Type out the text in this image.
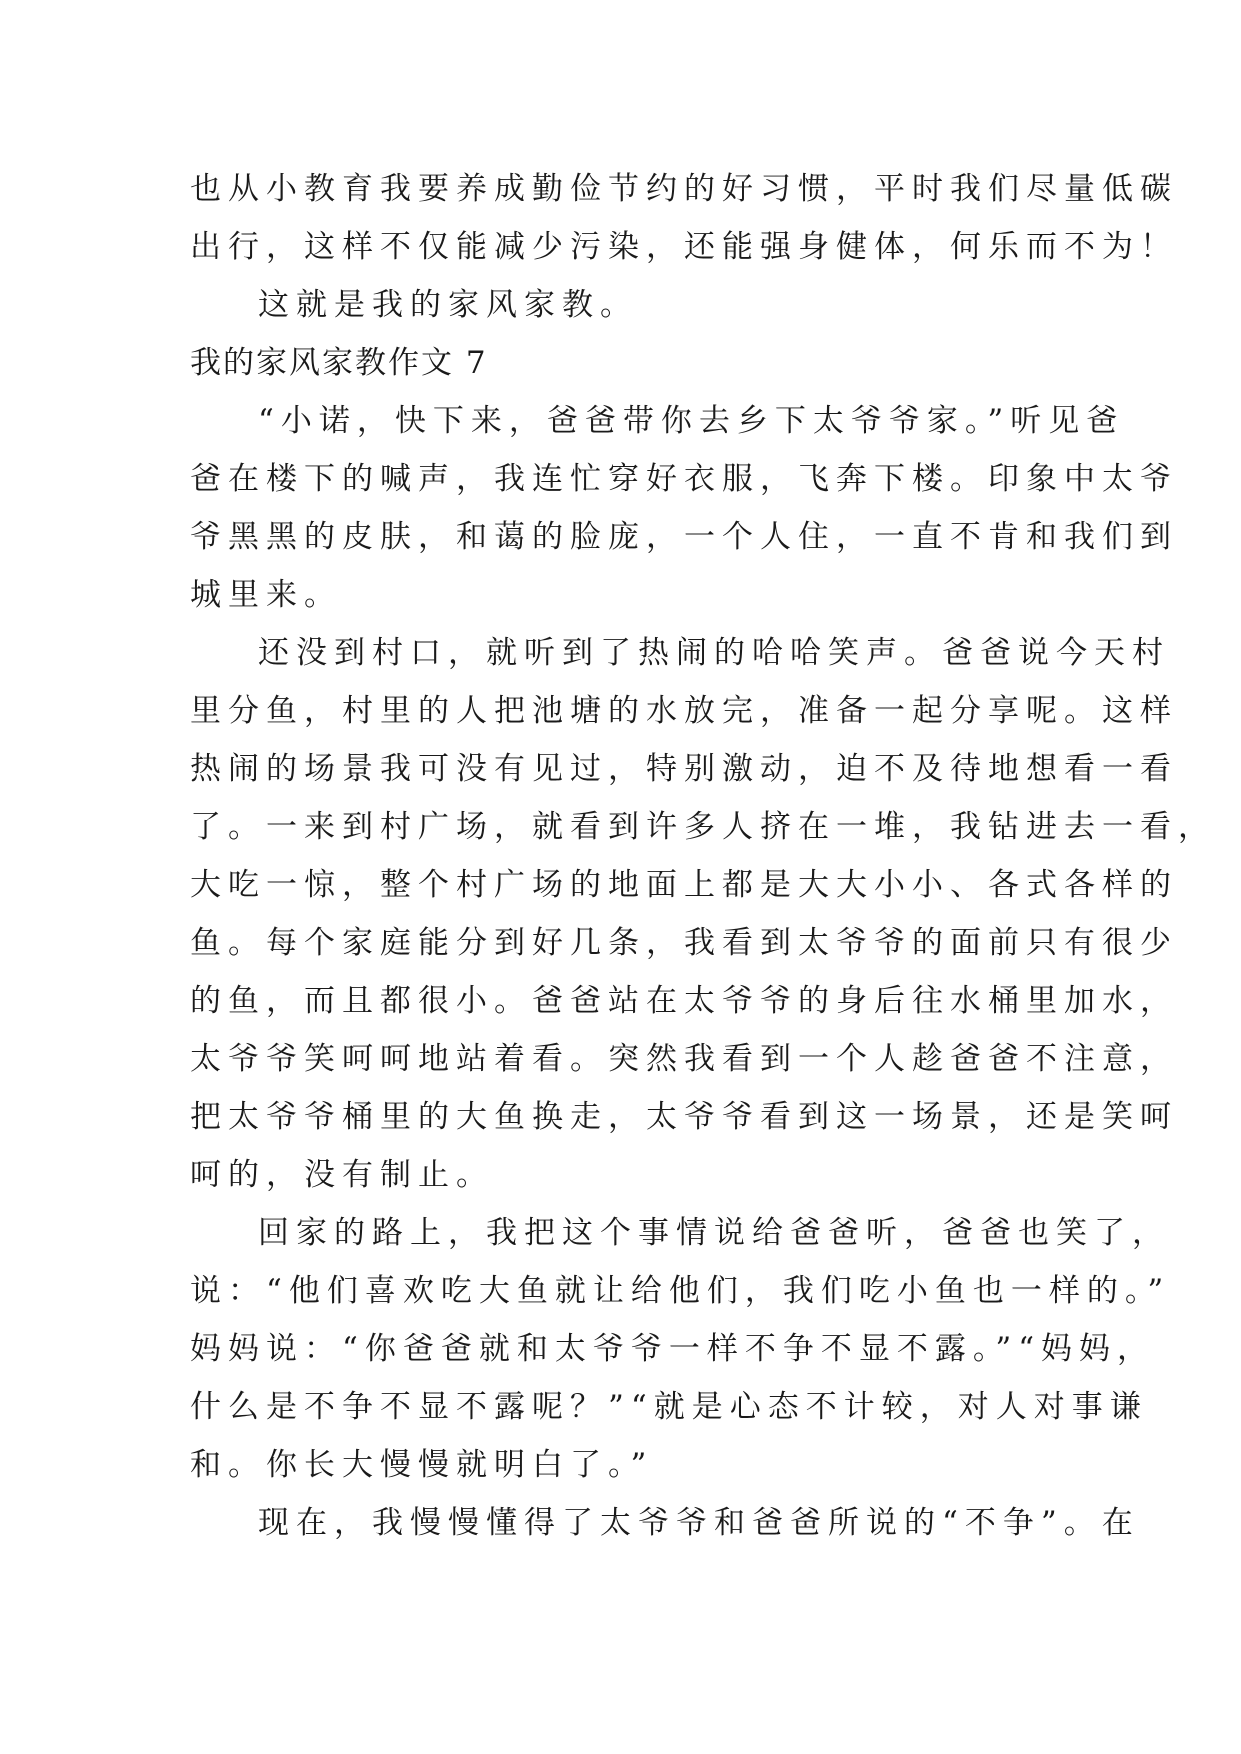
也从小教育我要养成勤俭节约的好习惯，平时我们尽量低碳
出行，这样不仅能减少污染，还能强身健体，何乐而不为！
这就是我的家风家教。
我的家风家教作文 7
“小诺，快下来，爸爸带你去乡下太爷爷家。”听见爸
爸在楼下的喊声，我连忙穿好衣服，飞奔下楼。印象中太爷
爷黑黑的皮肤，和蔼的脸庞，一个人住，一直不肯和我们到
城里来。
还没到村口，就听到了热闹的哈哈笑声。爸爸说今天村
里分鱼，村里的人把池塘的水放完，准备一起分享呢。这样
热闹的场景我可没有见过，特别激动，迫不及待地想看一看
了。一来到村广场，就看到许多人挤在一堆，我钻进去一看，
大吃一惊，整个村广场的地面上都是大大小小、各式各样的
鱼。每个家庭能分到好几条，我看到太爷爷的面前只有很少
的鱼，而且都很小。爸爸站在太爷爷的身后往水桶里加水，
太爷爷笑呵呵地站着看。突然我看到一个人趁爸爸不注意，
把太爷爷桶里的大鱼换走，太爷爷看到这一场景，还是笑呵
呵的，没有制止。
回家的路上，我把这个事情说给爸爸听，爸爸也笑了，
说：“他们喜欢吃大鱼就让给他们，我们吃小鱼也一样的。”
妈妈说：“你爸爸就和太爷爷一样不争不显不露。”“妈妈，
什么是不争不显不露呢？”“就是心态不计较，对人对事谦
和。你长大慢慢就明白了。”
现在，我慢慢懂得了太爷爷和爸爸所说的“不争”。在
